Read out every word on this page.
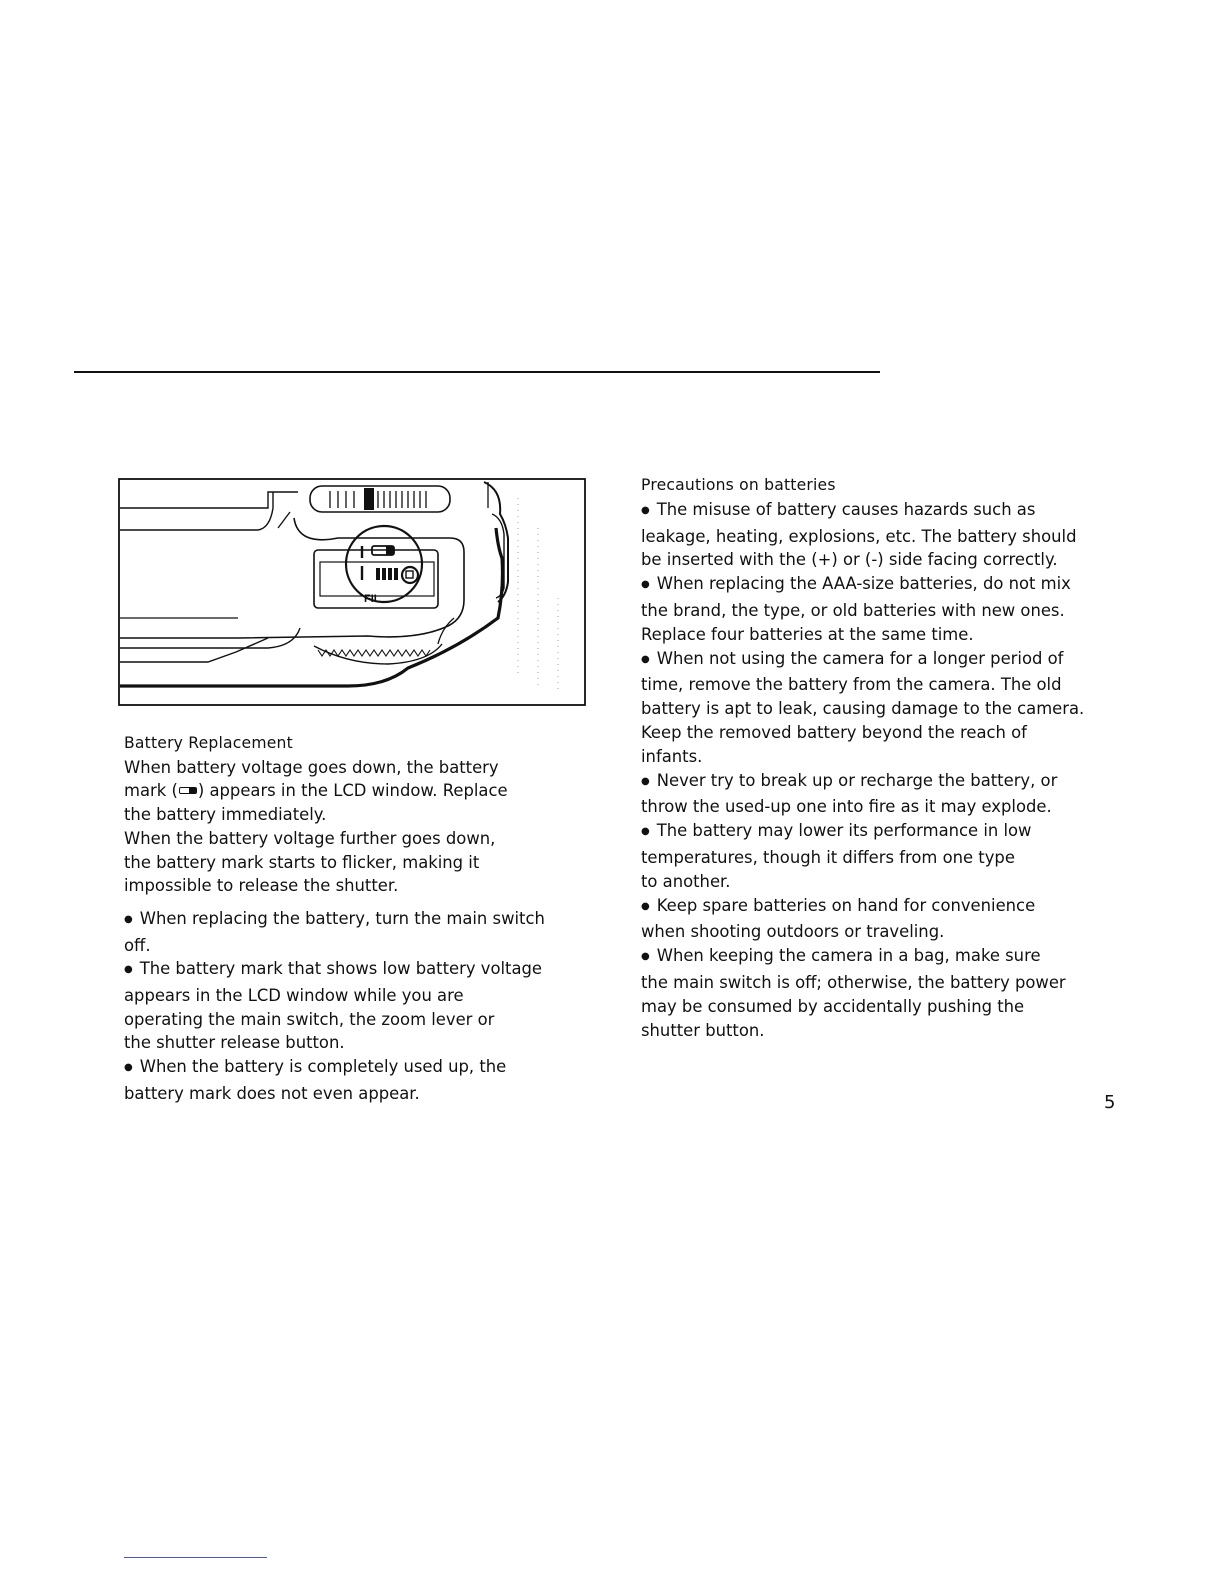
FIL

Battery Replacement

When battery voltage goes down, the battery
mark ( ) appears in the LCD window. Replace
the battery immediately.
When the battery voltage further goes down,
the battery mark starts to flicker, making it
impossible to release the shutter.

● When replacing the battery, turn the main switch
off.

● The battery mark that shows low battery voltage
appears in the LCD window while you are
operating the main switch, the zoom lever or
the shutter release button.

● When the battery is completely used up, the
battery mark does not even appear.

Precautions on batteries

● The misuse of battery causes hazards such as
leakage, heating, explosions, etc. The battery should
be inserted with the (+) or (-) side facing correctly.

● When replacing the AAA-size batteries, do not mix
the brand, the type, or old batteries with new ones.
Replace four batteries at the same time.

● When not using the camera for a longer period of
time, remove the battery from the camera. The old
battery is apt to leak, causing damage to the camera.
Keep the removed battery beyond the reach of
infants.

● Never try to break up or recharge the battery, or
throw the used-up one into fire as it may explode.

● The battery may lower its performance in low
temperatures, though it differs from one type
to another.

● Keep spare batteries on hand for convenience
when shooting outdoors or traveling.

● When keeping the camera in a bag, make sure
the main switch is off; otherwise, the battery power
may be consumed by accidentally pushing the
shutter button.

5
